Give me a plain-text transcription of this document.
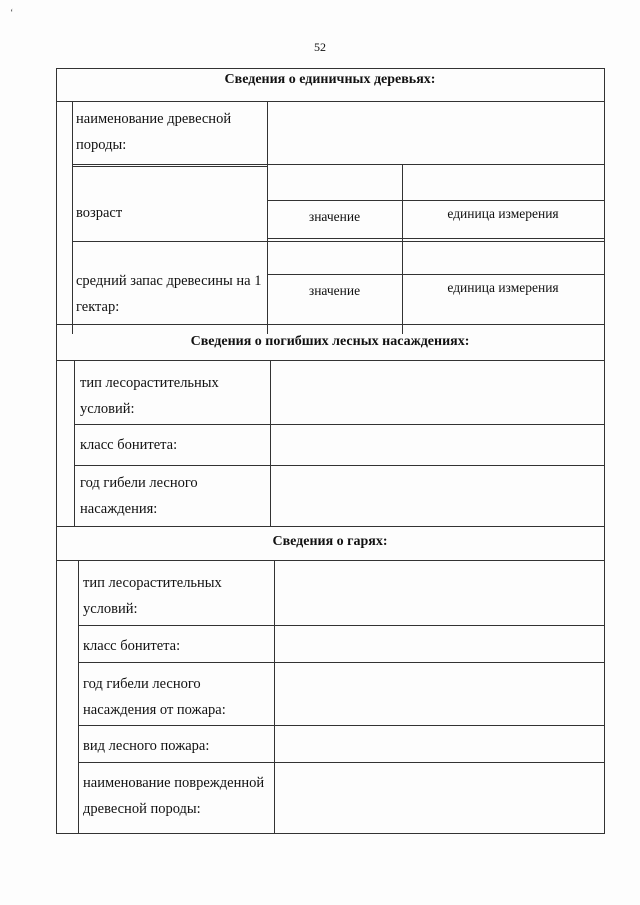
ʻ
52
Сведения о единичных деревьях:
наименование древесной породы:
возраст	значение	единица измерения
средний запас древесины на 1 гектар:
значение	единица измерения
Сведения о погибших лесных насаждениях:
тип лесорастительных условий:
класс бонитета:
год гибели лесного насаждения:
Сведения о гарях:
тип лесорастительных условий:
класс бонитета:
год гибели лесного насаждения от пожара:
вид лесного пожара:
наименование поврежденной древесной породы:
